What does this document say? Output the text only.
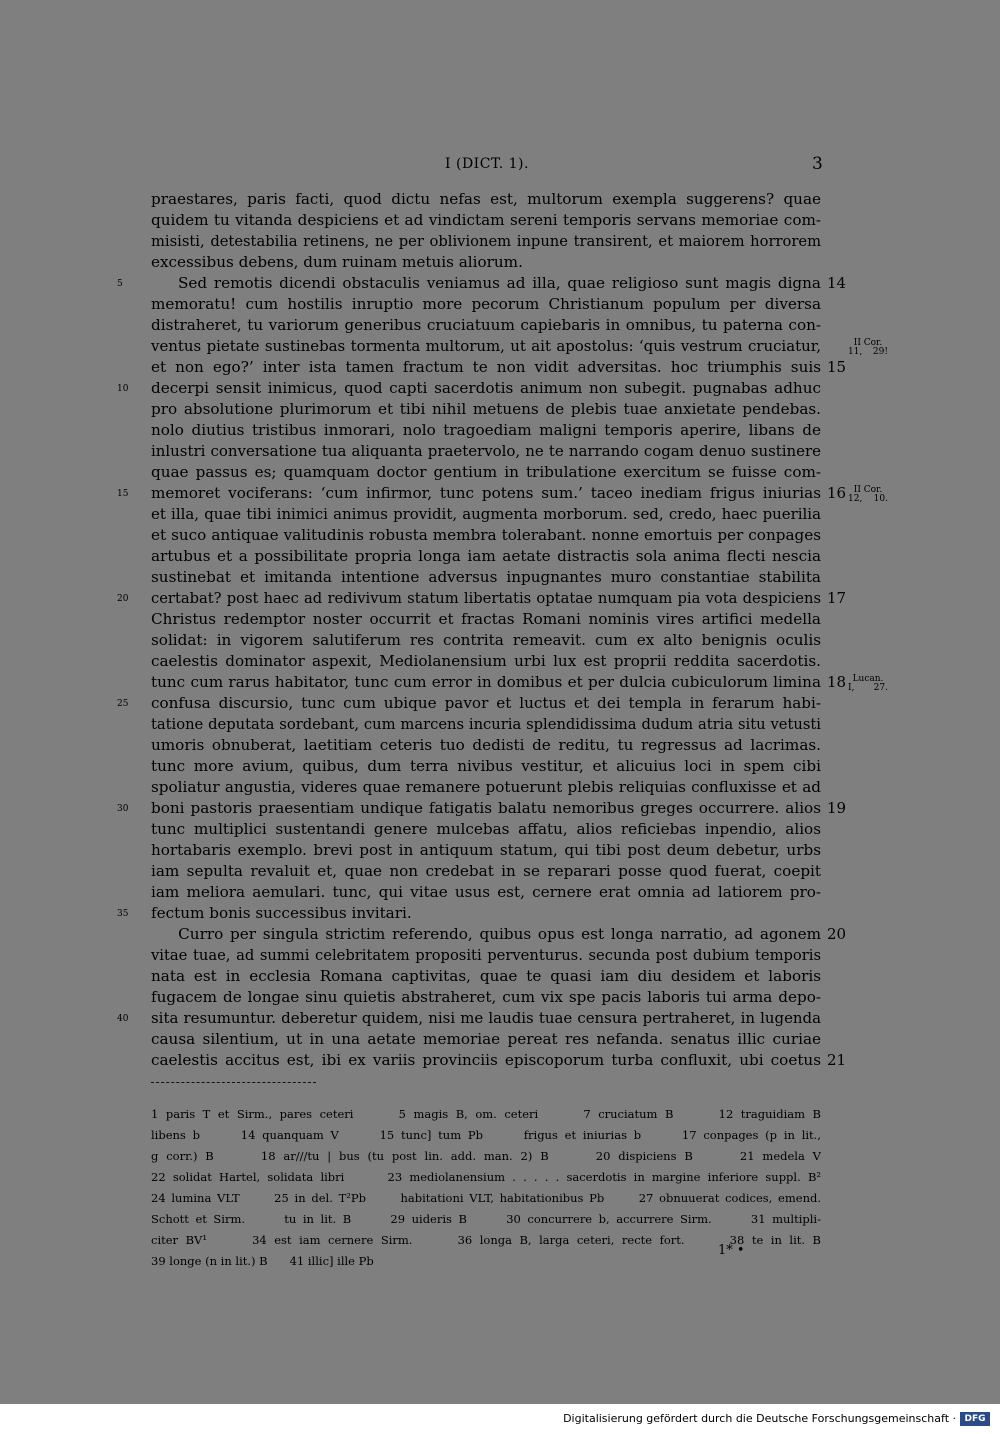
I (DICT. 1).	3
praestares, paris facti, quod dictu nefas est, multorum exempla suggerens? quae
quidem tu vitanda despiciens et ad vindictam sereni temporis servans memoriae com-
misisti, detestabilia retinens, ne per oblivionem inpune transirent, et maiorem horrorem
excessibus debens, dum ruinam metuis aliorum.
5	Sed remotis dicendi obstaculis veniamus ad illa, quae religioso sunt magis digna 14
memoratu! cum hostilis inruptio more pecorum Christianum populum per diversa
distraheret, tu variorum generibus cruciatuum capiebaris in omnibus, tu paterna con-
ventus pietate sustinebas tormenta multorum, ut ait apostolus: ‘quis vestrum cruciatur,	II Cor. 11, 29!
et non ego?’ inter ista tamen fractum te non vidit adversitas. hoc triumphis suis 15
10	decerpi sensit inimicus, quod capti sacerdotis animum non subegit. pugnabas adhuc
pro absolutione plurimorum et tibi nihil metuens de plebis tuae anxietate pendebas.
nolo diutius tristibus inmorari, nolo tragoediam maligni temporis aperire, libans de
inlustri conversatione tua aliquanta praetervolo, ne te narrando cogam denuo sustinere
quae passus es; quamquam doctor gentium in tribulatione exercitum se fuisse com-
15	memoret vociferans: ‘cum infirmor, tunc potens sum.’ taceo inediam frigus iniurias 16 II Cor. 12, 10.
et illa, quae tibi inimici animus providit, augmenta morborum. sed, credo, haec puerilia
et suco antiquae valitudinis robusta membra tolerabant. nonne emortuis per conpages
artubus et a possibilitate propria longa iam aetate distractis sola anima flecti nescia
sustinebat et imitanda intentione adversus inpugnantes muro constantiae stabilita
20	certabat? post haec ad redivivum statum libertatis optatae numquam pia vota despiciens 17
Christus redemptor noster occurrit et fractas Romani nominis vires artifici medella
solidat: in vigorem salutiferum res contrita remeavit. cum ex alto benignis oculis
caelestis dominator aspexit, Mediolanensium urbi lux est proprii reddita sacerdotis.
tunc cum rarus habitator, tunc cum error in domibus et per dulcia cubiculorum limina 18 Lucan. I, 27.
25	confusa discursio, tunc cum ubique pavor et luctus et dei templa in ferarum habi-
tatione deputata sordebant, cum marcens incuria splendidissima dudum atria situ vetusti
umoris obnuberat, laetitiam ceteris tuo dedisti de reditu, tu regressus ad lacrimas.
tunc more avium, quibus, dum terra nivibus vestitur, et alicuius loci in spem cibi
spoliatur angustia, videres quae remanere potuerunt plebis reliquias confluxisse et ad
30	boni pastoris praesentiam undique fatigatis balatu nemoribus greges occurrere. alios 19
tunc multiplici sustentandi genere mulcebas affatu, alios reficiebas inpendio, alios
hortabaris exemplo. brevi post in antiquum statum, qui tibi post deum debetur, urbs
iam sepulta revaluit et, quae non credebat in se reparari posse quod fuerat, coepit
iam meliora aemulari. tunc, qui vitae usus est, cernere erat omnia ad latiorem pro-
35	fectum bonis successibus invitari.
Curro per singula strictim referendo, quibus opus est longa narratio, ad agonem 20
vitae tuae, ad summi celebritatem propositi perventurus. secunda post dubium temporis
nata est in ecclesia Romana captivitas, quae te quasi iam diu desidem et laboris
fugacem de longae sinu quietis abstraheret, cum vix spe pacis laboris tui arma depo-
40	sita resumuntur. deberetur quidem, nisi me laudis tuae censura pertraheret, in lugenda
causa silentium, ut in una aetate memoriae pereat res nefanda. senatus illic curiae
caelestis accitus est, ibi ex variis provinciis episcoporum turba confluxit, ubi coetus 21
1 paris T et Sirm., pares ceteri      5 magis B, om. ceteri      7 cruciatum B      12 traguidiam B
libens b      14 quanquam V      15 tunc] tum Pb      frigus et iniurias b      17 conpages (p in lit.,
g corr.) B      18 ar///tu | bus (tu post lin. add. man. 2) B      20 dispiciens B      21 medela V
22 solidat Hartel, solidata libri      23 mediolanensium . . . . . sacerdotis in margine inferiore suppl. B²
24 lumina VLT      25 in del. T²Pb      habitationi VLT, habitationibus Pb      27 obnuuerat codices, emend.
Schott et Sirm.      tu in lit. B      29 uideris B      30 concurrere b, accurrere Sirm.      31 multipli-
citer BV¹      34 est iam cernere Sirm.      36 longa B, larga ceteri, recte fort.      38 te in lit. B
39 longe (n in lit.) B      41 illic] ille Pb
1* •
Digitalisierung gefördert durch die Deutsche Forschungsgemeinschaft · DFG
